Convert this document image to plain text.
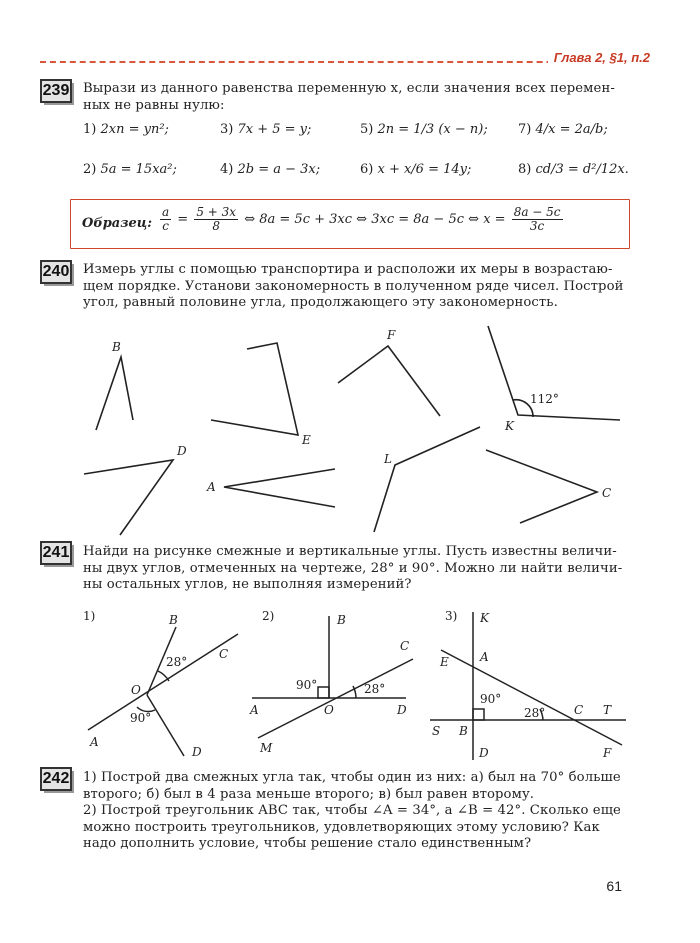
Глава 2, §1, п.2
239 Вырази из данного равенства переменную x, если значения всех перемен-
ных не равны нулю:
1) 2xn = yn²;	3) 7x + 5 = y;	5) 2n = 1/3 (x − n); 7) 4/x = 2a/b;
2) 5a = 15xa²;	4) 2b = a − 3x;	6) x + x/6 = 14y;	8) cd/3 = d²/12x.
Образец: $\frac{a}{c} = \frac{5 + 3x}{8}$ ⇔ 8a = 5c + 3xc ⇔ 3xc = 8a − 5c ⇔ $x = \frac{8a - 5c}{3c}$
240 Измерь углы с помощью транспортира и расположи их меры в возрастаю-
щем порядке. Установи закономерность в полученном ряде чисел. Построй
угол, равный половине угла, продолжающего эту закономерность.
B
E
F
K
112°
D
A
L
C
241 Найди на рисунке смежные и вертикальные углы. Пусть известны величи-
ны двух углов, отмеченных на чертеже, 28° и 90°. Можно ли найти величи-
ны остальных углов, не выполняя измерений?
1)	2)	3)
B
C
O
A
D
28°
90°
B
C
A	O	D
M
90°	28°
K
E	A
S B
D
C T
F
90°
28°
242 1) Построй два смежных угла так, чтобы один из них: а) был на 70° больше
второго; б) был в 4 раза меньше второго; в) был равен второму.
2) Построй треугольник ABC так, чтобы ∠A = 34°, а ∠B = 42°. Сколько еще
можно построить треугольников, удовлетворяющих этому условию? Как
надо дополнить условие, чтобы решение стало единственным?
61
